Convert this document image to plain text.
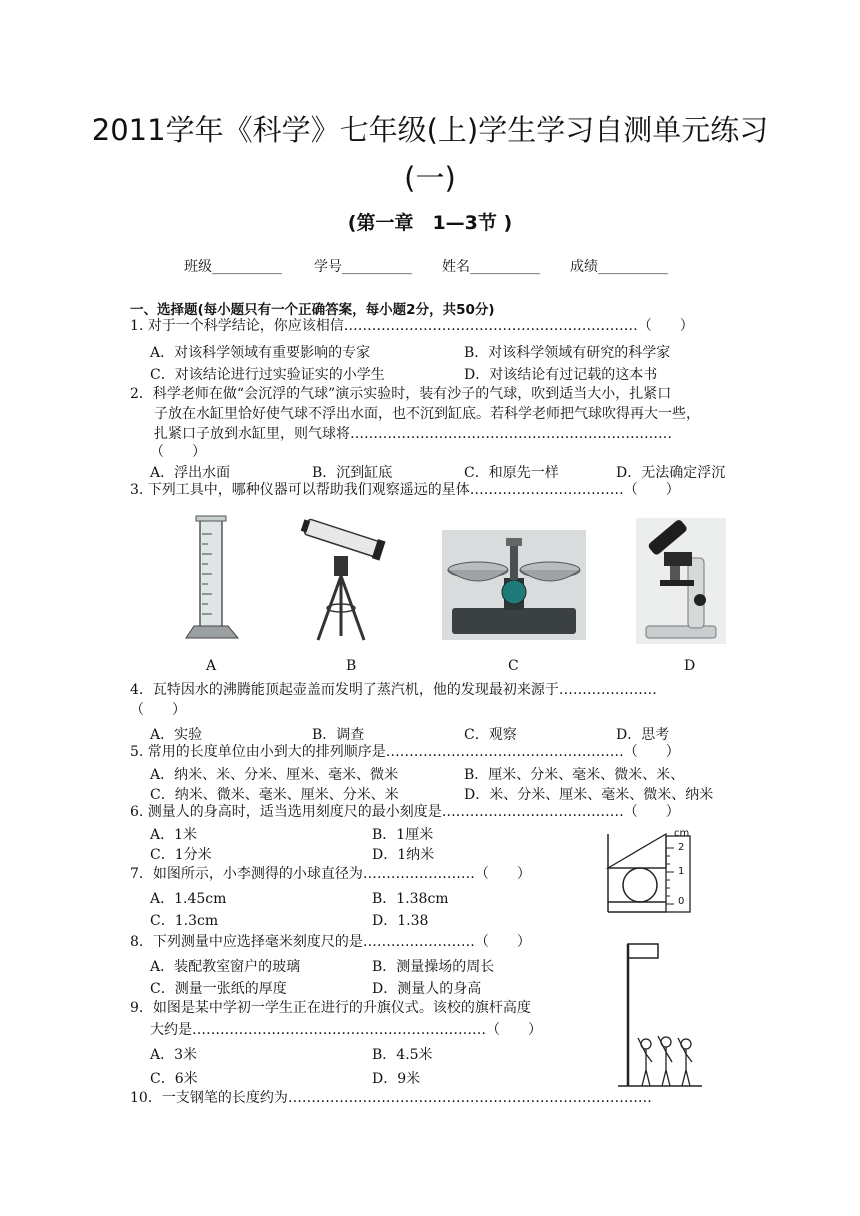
2011学年《科学》七年级(上)学生学习自测单元练习
(一)
(第一章　1—3节 )
班级__________ 学号__________ 姓名__________ 成绩__________
一、选择题(每小题只有一个正确答案，每小题2分，共50分)
1. 对于一个科学结论，你应该相信………………………………………………………（　　）
A．对该科学领域有重要影响的专家	B．对该科学领域有研究的科学家
C．对该结论进行过实验证实的小学生	D．对该结论有过记载的这本书
2．科学老师在做“会沉浮的气球”演示实验时，装有沙子的气球，吹到适当大小，扎紧口
子放在水缸里恰好使气球不浮出水面，也不沉到缸底。若科学老师把气球吹得再大一些，
扎紧口子放到水缸里，则气球将……………………………………………………………
（　　）
A．浮出水面	B．沉到缸底	C．和原先一样	D．无法确定浮沉
3. 下列工具中，哪种仪器可以帮助我们观察遥远的星体……………………………（　　）
A	B	C	D
4．瓦特因水的沸腾能顶起壶盖而发明了蒸汽机，他的发现最初来源于…………………
（　　）
A．实验	B．调查	C．观察	D．思考
5. 常用的长度单位由小到大的排列顺序是……………………………………………（　　）
A．纳米、米、分米、厘米、毫米、微米	B．厘米、分米、毫米、微米、米、
C．纳米、微米、毫米、厘米、分米、米	D．米、分米、厘米、毫米、微米、纳米
6. 测量人的身高时，适当选用刻度尺的最小刻度是…………………………………（　　）
A．1米	B．1厘米
C．1分米	D．1纳米
7．如图所示，小李测得的小球直径为……………………（　　）
A．1.45cm	B．1.38cm
C．1.3cm	D．1.38
cm
2
1
0
8．下列测量中应选择毫米刻度尺的是……………………（　　）
A．装配教室窗户的玻璃	B．测量操场的周长
C．测量一张纸的厚度	D．测量人的身高
9．如图是某中学初一学生正在进行的升旗仪式。该校的旗杆高度
大约是………………………………………………………（　　）
A．3米	B．4.5米
C．6米	D．9米
10．一支钢笔的长度约为……………………………………………………………………
